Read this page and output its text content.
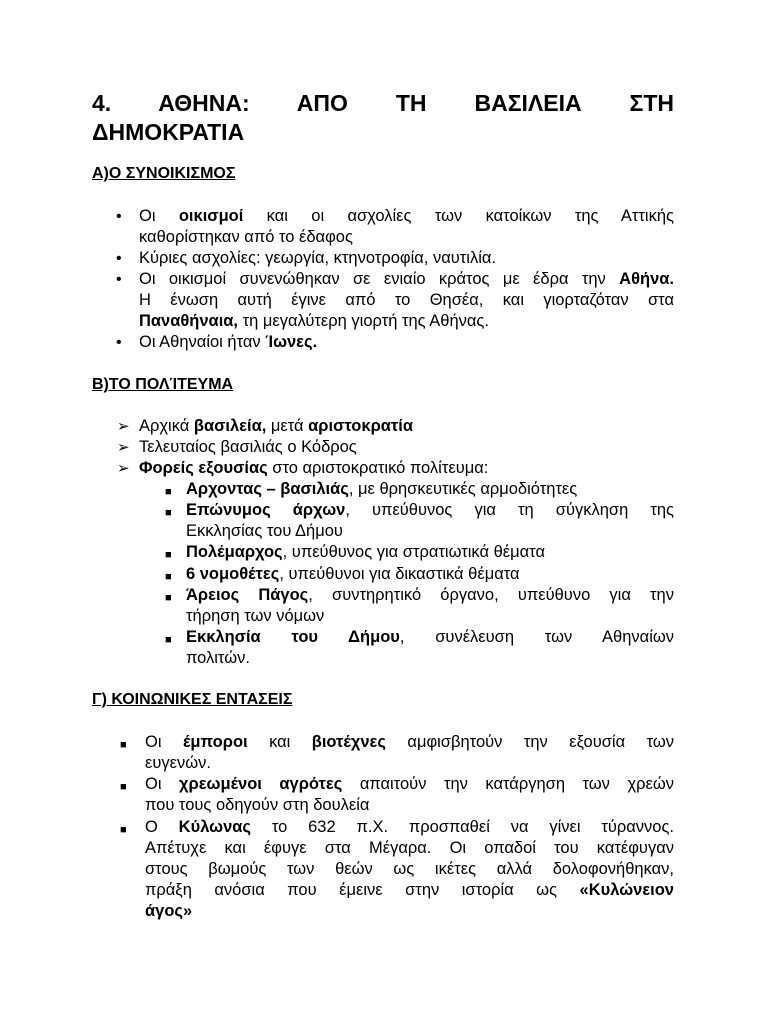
4. ΑΘΗΝΑ: ΑΠΟ ΤΗ ΒΑΣΙΛΕΙΑ ΣΤΗ
ΔΗΜΟΚΡΑΤΙΑ
Α)Ο ΣΥΝΟΙΚΙΣΜΟΣ
Β)ΤΟ ΠΟΛΊΤΕΥΜΑ
Γ) ΚΟΙΝΩΝΙΚΕΣ ΕΝΤΑΣΕΙΣ
• Οι οικισμοί και οι ασχολίες των κατοίκων της Αττικής
καθορίστηκαν από το έδαφος
• Κύριες ασχολίες: γεωργία, κτηνοτροφία, ναυτιλία.
• Οι οικισμοί συνενώθηκαν σε ενιαίο κράτος με έδρα την Αθήνα.
Η ένωση αυτή έγινε από το Θησέα, και γιορταζόταν στα
Παναθήναια, τη μεγαλύτερη γιορτή της Αθήνας.
• Οι Αθηναίοι ήταν Ίωνες.
➢ Αρχικά βασιλεία, μετά αριστοκρατία
➢ Τελευταίος βασιλιάς ο Κόδρος
➢ Φορείς εξουσίας στο αριστοκρατικό πολίτευμα:
■ Αρχοντας – βασιλιάς, με θρησκευτικές αρμοδιότητες
■ Επώνυμος άρχων, υπεύθυνος για τη σύγκληση της
Εκκλησίας του Δήμου
■ Πολέμαρχος, υπεύθυνος για στρατιωτικά θέματα
■ 6 νομοθέτες, υπεύθυνοι για δικαστικά θέματα
■ Άρειος Πάγος, συντηρητικό όργανο, υπεύθυνο για την
τήρηση των νόμων
■ Εκκλησία του Δήμου, συνέλευση των Αθηναίων
πολιτών.
■ Οι έμποροι και βιοτέχνες αμφισβητούν την εξουσία των
ευγενών.
■ Οι χρεωμένοι αγρότες απαιτούν την κατάργηση των χρεών
που τους οδηγούν στη δουλεία
■ Ο Κύλωνας το 632 π.Χ. προσπαθεί να γίνει τύραννος.
Απέτυχε και έφυγε στα Μέγαρα. Οι οπαδοί του κατέφυγαν
στους βωμούς των θεών ως ικέτες αλλά δολοφονήθηκαν,
πράξη ανόσια που έμεινε στην ιστορία ως «Κυλώνειον
άγος»
